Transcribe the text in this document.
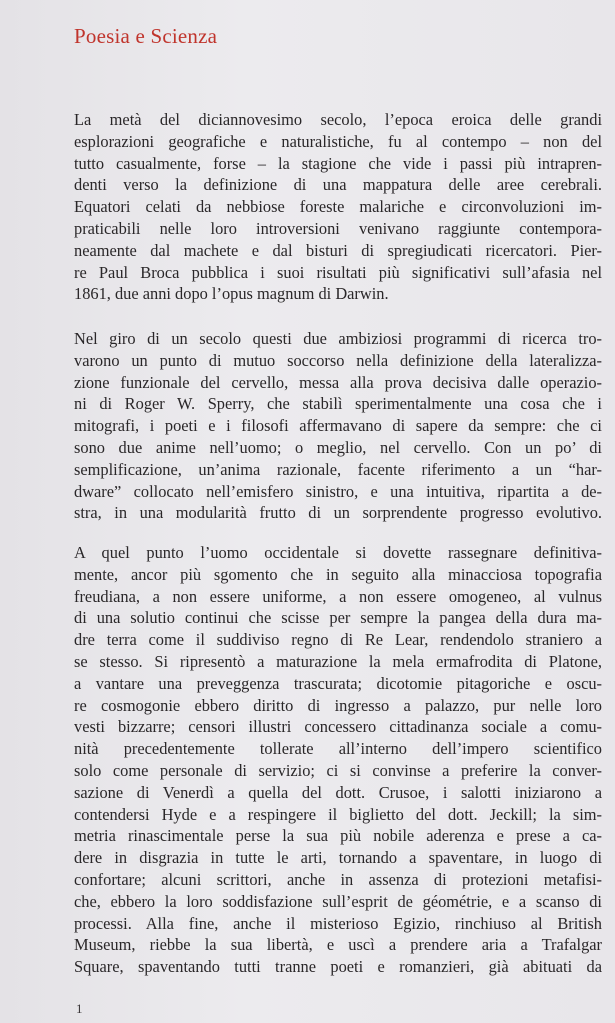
Poesia e Scienza
La metà del diciannovesimo secolo, l’epoca eroica delle grandi
esplorazioni geografiche e naturalistiche, fu al contempo – non del
tutto casualmente, forse – la stagione che vide i passi più intrapren-
denti verso la definizione di una mappatura delle aree cerebrali.
Equatori celati da nebbiose foreste malariche e circonvoluzioni im-
praticabili nelle loro introversioni venivano raggiunte contempora-
neamente dal machete e dal bisturi di spregiudicati ricercatori. Pier-
re Paul Broca pubblica i suoi risultati più significativi sull’afasia nel
1861, due anni dopo l’opus magnum di Darwin.
Nel giro di un secolo questi due ambiziosi programmi di ricerca tro-
varono un punto di mutuo soccorso nella definizione della lateralizza-
zione funzionale del cervello, messa alla prova decisiva dalle operazio-
ni di Roger W. Sperry, che stabilì sperimentalmente una cosa che i
mitografi, i poeti e i filosofi affermavano di sapere da sempre: che ci
sono due anime nell’uomo; o meglio, nel cervello. Con un po’ di
semplificazione, un’anima razionale, facente riferimento a un “har-
dware” collocato nell’emisfero sinistro, e una intuitiva, ripartita a de-
stra, in una modularità frutto di un sorprendente progresso evolutivo.
A quel punto l’uomo occidentale si dovette rassegnare definitiva-
mente, ancor più sgomento che in seguito alla minacciosa topografia
freudiana, a non essere uniforme, a non essere omogeneo, al vulnus
di una solutio continui che scisse per sempre la pangea della dura ma-
dre terra come il suddiviso regno di Re Lear, rendendolo straniero a
se stesso. Si ripresentò a maturazione la mela ermafrodita di Platone,
a vantare una preveggenza trascurata; dicotomie pitagoriche e oscu-
re cosmogonie ebbero diritto di ingresso a palazzo, pur nelle loro
vesti bizzarre; censori illustri concessero cittadinanza sociale a comu-
nità precedentemente tollerate all’interno dell’impero scientifico
solo come personale di servizio; ci si convinse a preferire la conver-
sazione di Venerdì a quella del dott. Crusoe, i salotti iniziarono a
contendersi Hyde e a respingere il biglietto del dott. Jeckill; la sim-
metria rinascimentale perse la sua più nobile aderenza e prese a ca-
dere in disgrazia in tutte le arti, tornando a spaventare, in luogo di
confortare; alcuni scrittori, anche in assenza di protezioni metafisi-
che, ebbero la loro soddisfazione sull’esprit de géométrie, e a scanso di
processi. Alla fine, anche il misterioso Egizio, rinchiuso al British
Museum, riebbe la sua libertà, e uscì a prendere aria a Trafalgar
Square, spaventando tutti tranne poeti e romanzieri, già abituati da
1
